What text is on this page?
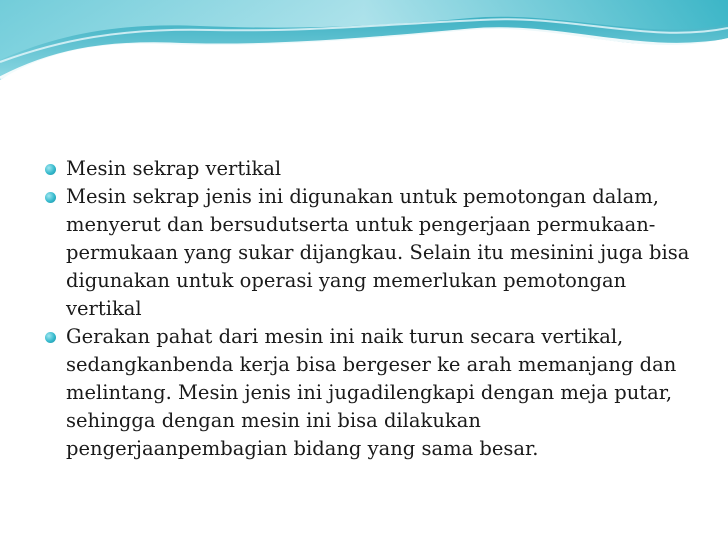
Mesin sekrap vertikal

Mesin sekrap jenis ini digunakan untuk pemotongan dalam, menyerut dan bersudutserta untuk pengerjaan permukaan-permukaan yang sukar dijangkau. Selain itu mesinini juga bisa digunakan untuk operasi yang memerlukan pemotongan vertikal

Gerakan pahat dari mesin ini naik turun secara vertikal, sedangkanbenda kerja bisa bergeser ke arah memanjang dan melintang. Mesin jenis ini jugadilengkapi dengan meja putar, sehingga dengan mesin ini bisa dilakukan pengerjaanpembagian bidang yang sama besar.
